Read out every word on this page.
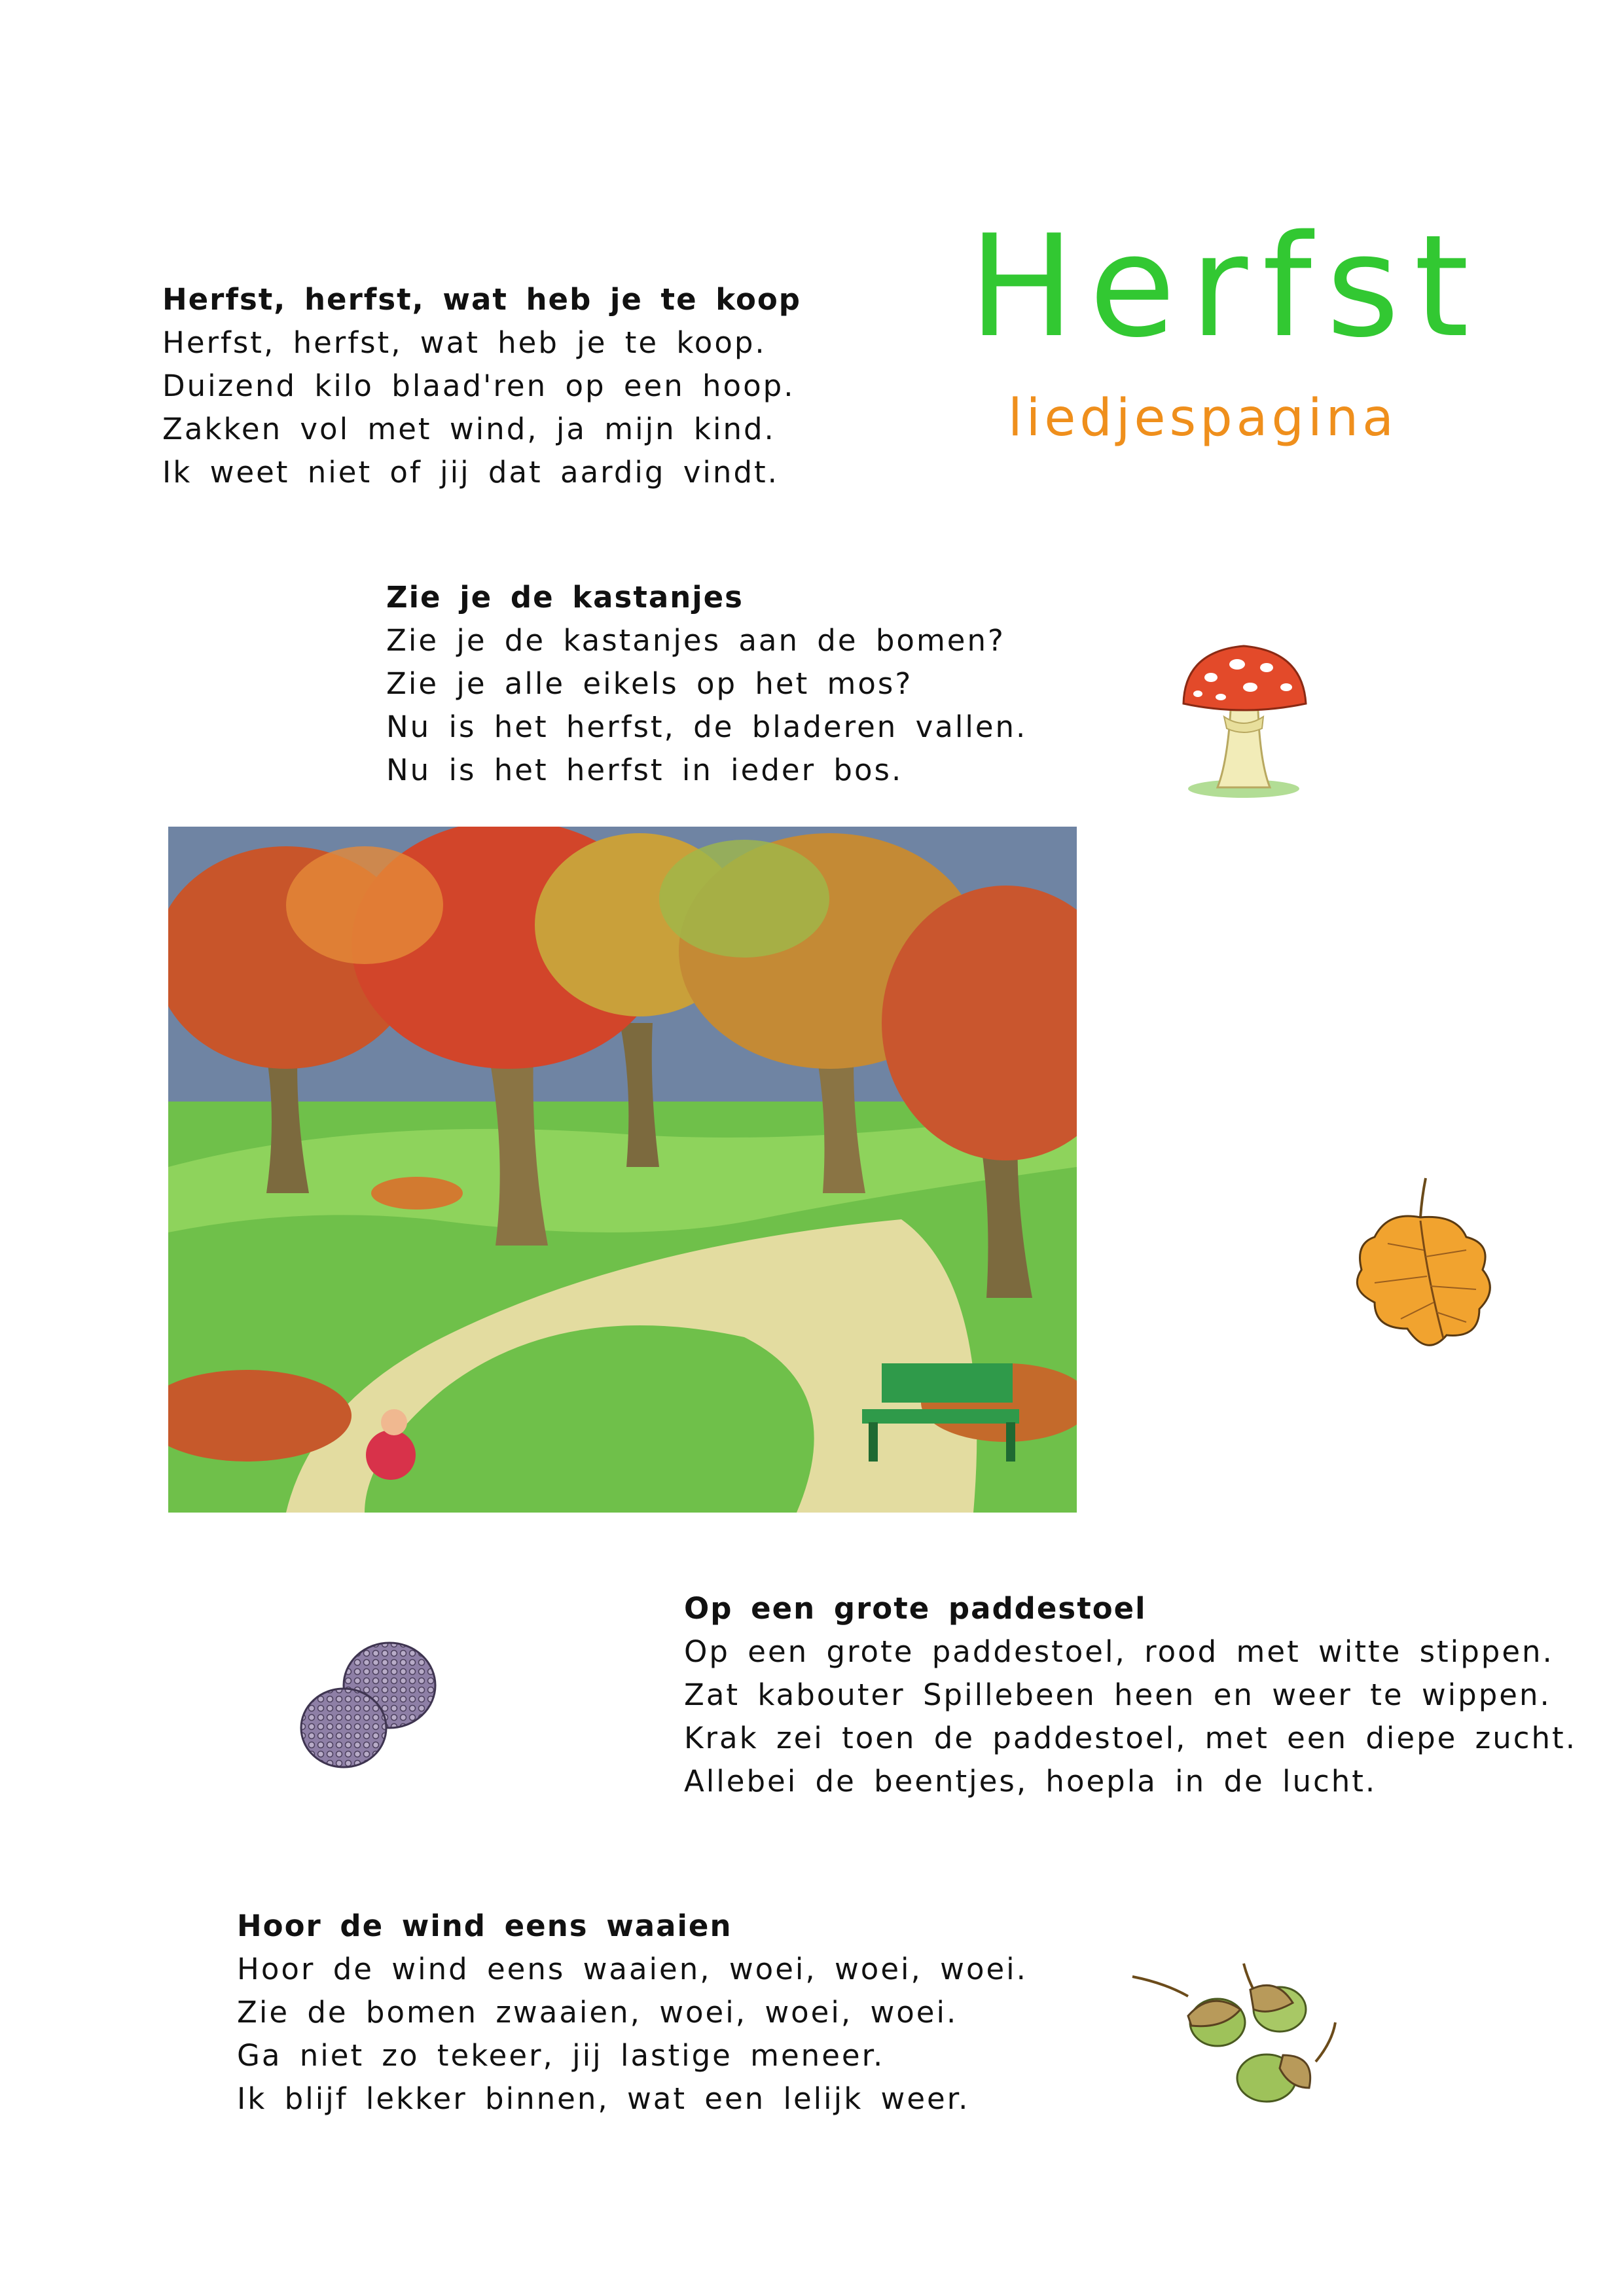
Herfst
liedjespagina
Herfst, herfst, wat heb je te koop

Herfst, herfst, wat heb je te koop.

Duizend kilo blaad'ren op een hoop.

Zakken vol met wind, ja mijn kind.

Ik weet niet of jij dat aardig vindt.

Zie je de kastanjes

Zie je de kastanjes aan de bomen?

Zie je alle eikels op het mos?

Nu is het herfst, de bladeren vallen.

Nu is het herfst in ieder bos.

Op een grote paddestoel

Op een grote paddestoel, rood met witte stippen.

Zat kabouter Spillebeen heen en weer te wippen.

Krak zei toen de paddestoel, met een diepe zucht.

Allebei de beentjes, hoepla in de lucht.

Hoor de wind eens waaien

Hoor de wind eens waaien, woei, woei, woei.

Zie de bomen zwaaien, woei, woei, woei.

Ga niet zo tekeer, jij lastige meneer.

Ik blijf lekker binnen, wat een lelijk weer.
